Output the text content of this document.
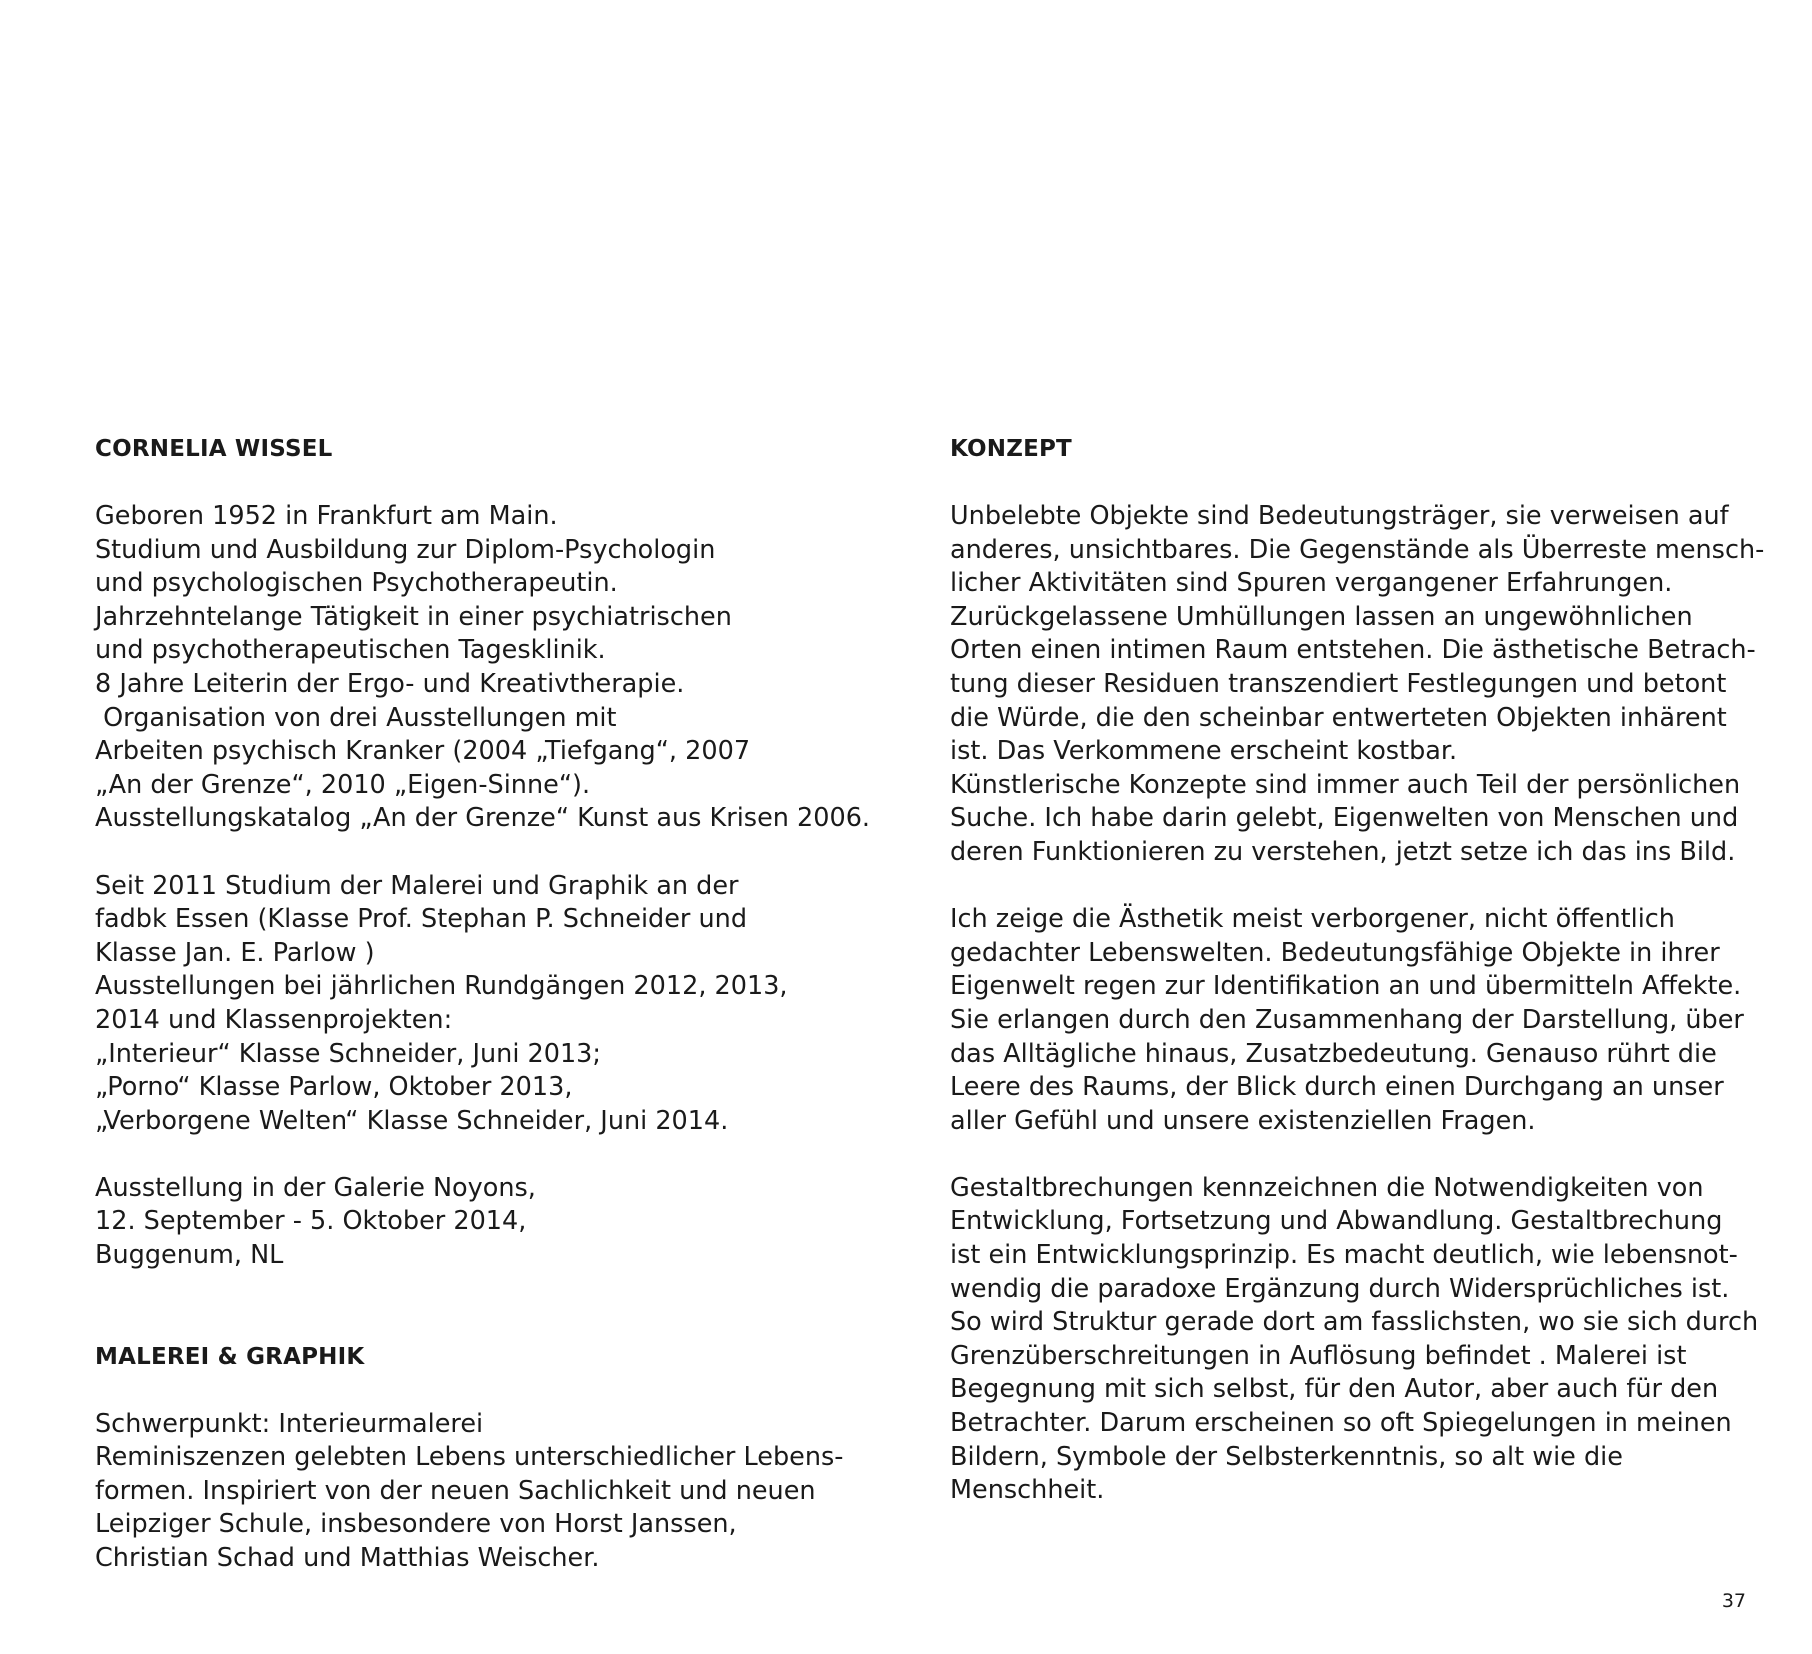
CORNELIA WISSEL

Geboren 1952 in Frankfurt am Main.
Studium und Ausbildung zur Diplom-Psychologin
und psychologischen Psychotherapeutin.
Jahrzehntelange Tätigkeit in einer psychiatrischen
und psychotherapeutischen Tagesklinik.
8 Jahre Leiterin der Ergo- und Kreativtherapie.
Organisation von drei Ausstellungen mit
Arbeiten psychisch Kranker (2004 „Tiefgang“, 2007
„An der Grenze“, 2010 „Eigen-Sinne“).
Ausstellungskatalog „An der Grenze“ Kunst aus Krisen 2006.

Seit 2011 Studium der Malerei und Graphik an der
fadbk Essen (Klasse Prof. Stephan P. Schneider und
Klasse Jan. E. Parlow )
Ausstellungen bei jährlichen Rundgängen 2012, 2013,
2014 und Klassenprojekten:
„Interieur“ Klasse Schneider, Juni 2013;
„Porno“ Klasse Parlow, Oktober 2013,
„Verborgene Welten“ Klasse Schneider, Juni 2014.

Ausstellung in der Galerie Noyons,
12. September - 5. Oktober 2014,
Buggenum, NL

MALEREI & GRAPHIK

Schwerpunkt: Interieurmalerei
Reminiszenzen gelebten Lebens unterschiedlicher Lebens-
formen. Inspiriert von der neuen Sachlichkeit und neuen
Leipziger Schule, insbesondere von Horst Janssen,
Christian Schad und Matthias Weischer.

KONZEPT

Unbelebte Objekte sind Bedeutungsträger, sie verweisen auf
anderes, unsichtbares. Die Gegenstände als Überreste mensch-
licher Aktivitäten sind Spuren vergangener Erfahrungen.
Zurückgelassene Umhüllungen lassen an ungewöhnlichen
Orten einen intimen Raum entstehen. Die ästhetische Betrach-
tung dieser Residuen transzendiert Festlegungen und betont
die Würde, die den scheinbar entwerteten Objekten inhärent
ist. Das Verkommene erscheint kostbar.
Künstlerische Konzepte sind immer auch Teil der persönlichen
Suche. Ich habe darin gelebt, Eigenwelten von Menschen und
deren Funktionieren zu verstehen, jetzt setze ich das ins Bild.

Ich zeige die Ästhetik meist verborgener, nicht öffentlich
gedachter Lebenswelten. Bedeutungsfähige Objekte in ihrer
Eigenwelt regen zur Identifikation an und übermitteln Affekte.
Sie erlangen durch den Zusammenhang der Darstellung, über
das Alltägliche hinaus, Zusatzbedeutung. Genauso rührt die
Leere des Raums, der Blick durch einen Durchgang an unser
aller Gefühl und unsere existenziellen Fragen.

Gestaltbrechungen kennzeichnen die Notwendigkeiten von
Entwicklung, Fortsetzung und Abwandlung. Gestaltbrechung
ist ein Entwicklungsprinzip. Es macht deutlich, wie lebensnot-
wendig die paradoxe Ergänzung durch Widersprüchliches ist.
So wird Struktur gerade dort am fasslichsten, wo sie sich durch
Grenzüberschreitungen in Auflösung befindet . Malerei ist
Begegnung mit sich selbst, für den Autor, aber auch für den
Betrachter. Darum erscheinen so oft Spiegelungen in meinen
Bildern, Symbole der Selbsterkenntnis, so alt wie die
Menschheit.

37
